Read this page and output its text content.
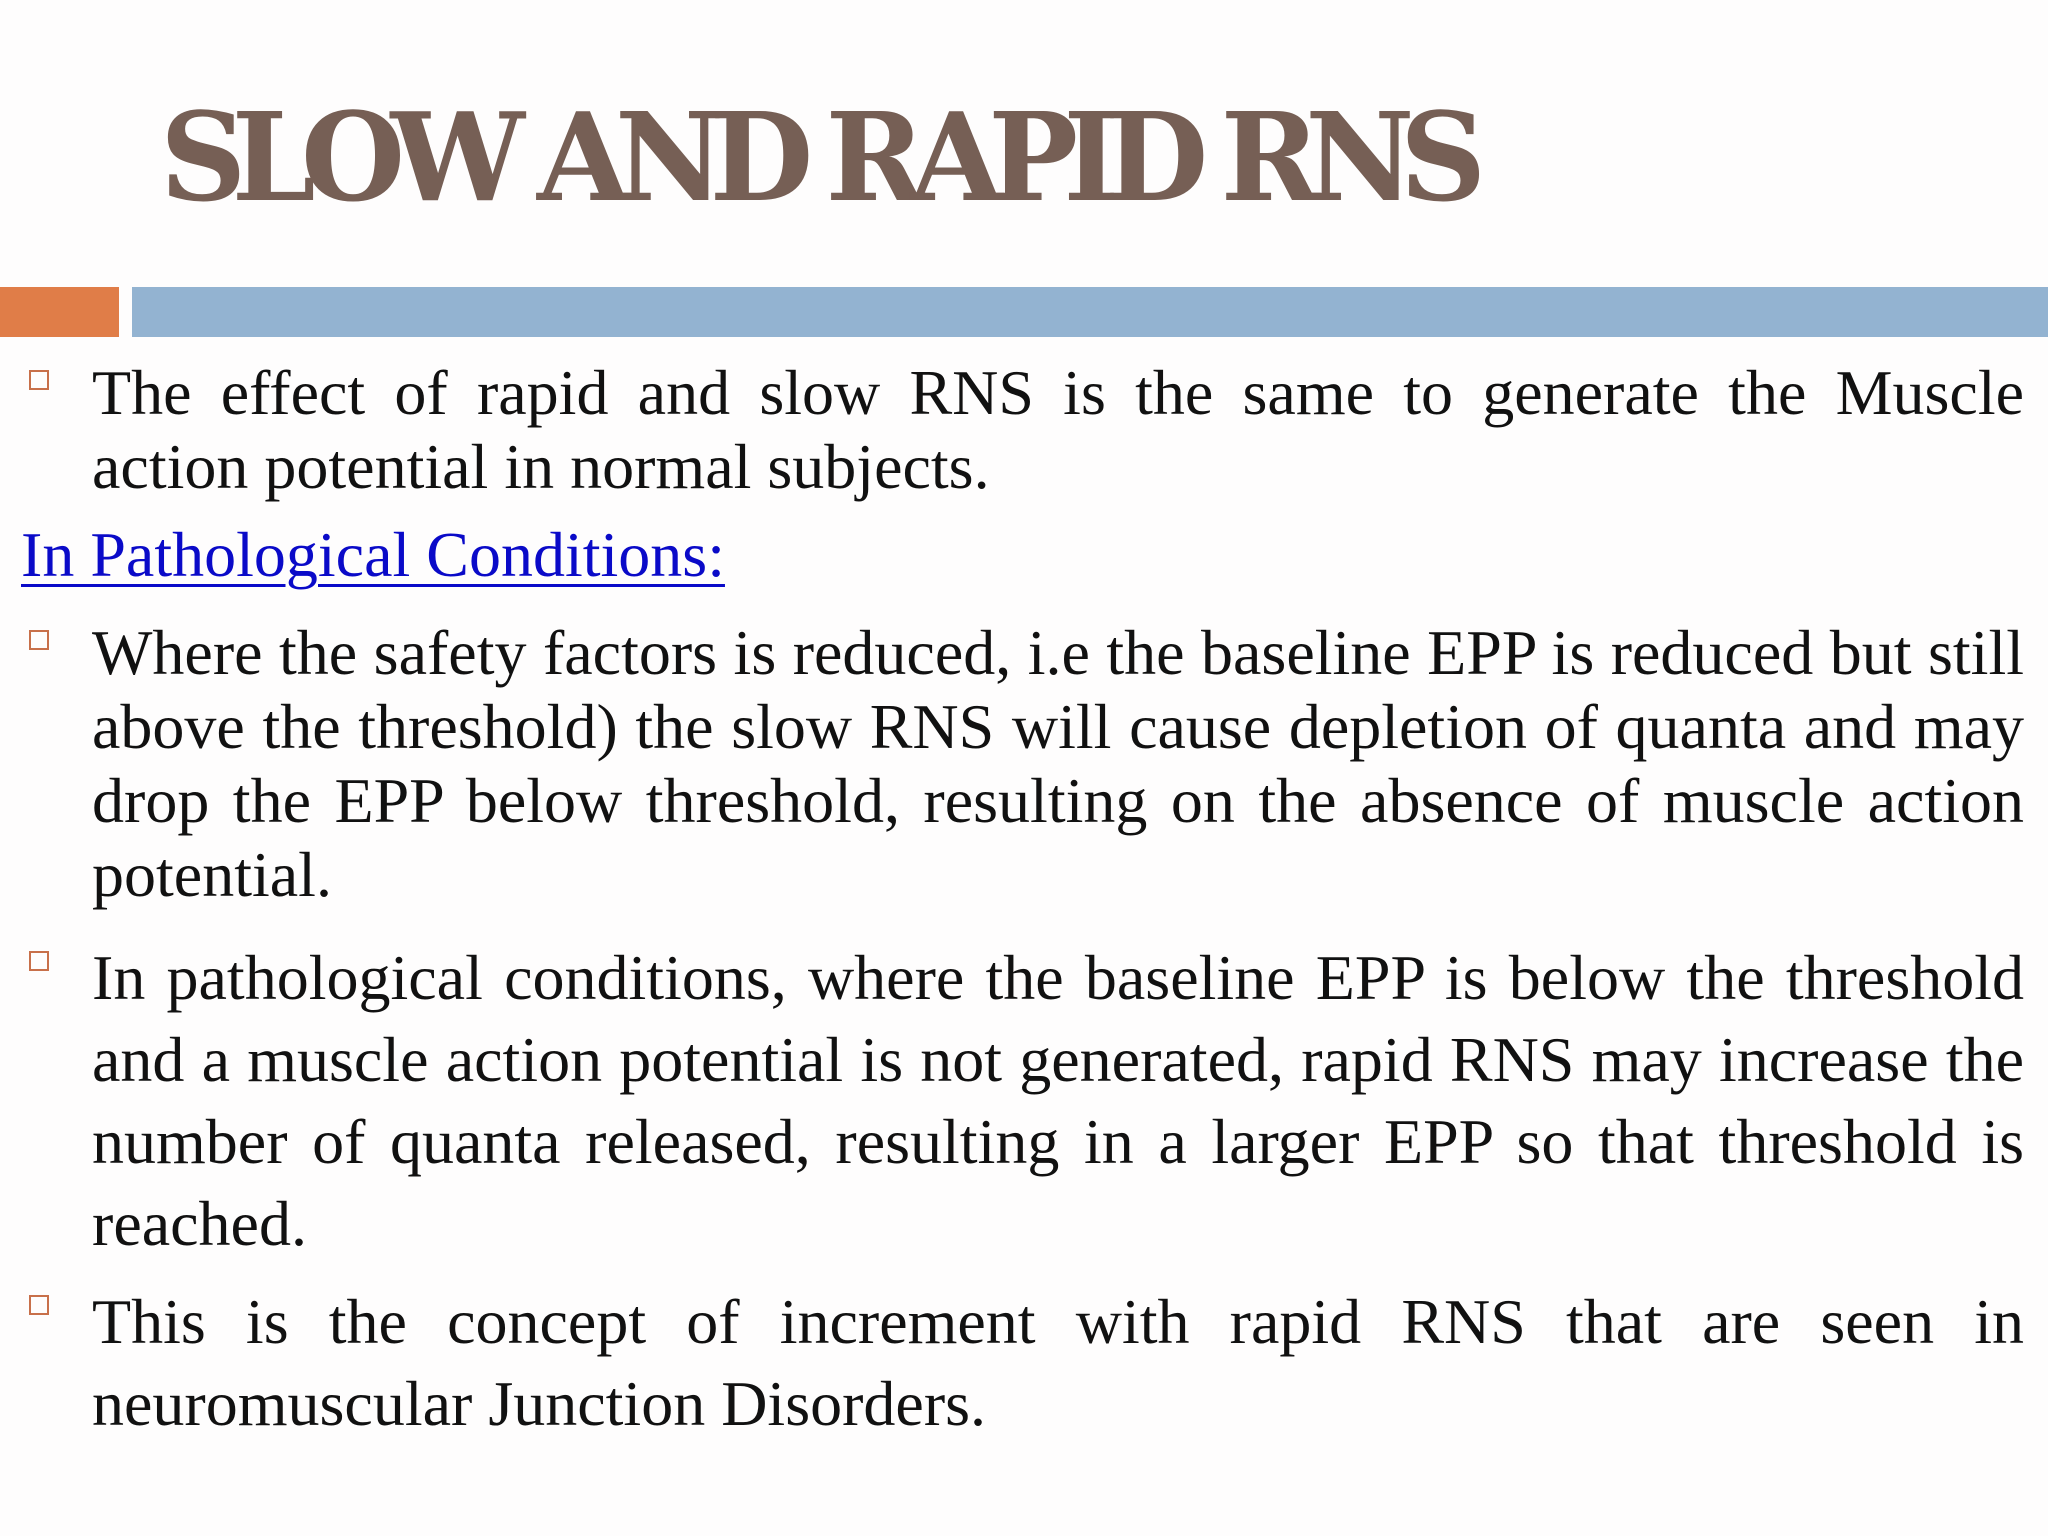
SLOW AND RAPID RNS

The effect of rapid and slow RNS is the same to generate the Muscle action potential in normal subjects.

In Pathological Conditions:

Where the safety factors is reduced, i.e the baseline EPP is reduced but still above the threshold) the slow RNS will cause depletion of quanta and may drop the EPP below threshold, resulting on the absence of muscle action potential.

In pathological conditions, where the baseline EPP is below the threshold and a muscle action potential is not generated, rapid RNS may increase the number of quanta released, resulting in a larger EPP so that threshold is reached.

This is the concept of increment with rapid RNS that are seen in neuromuscular Junction Disorders.
